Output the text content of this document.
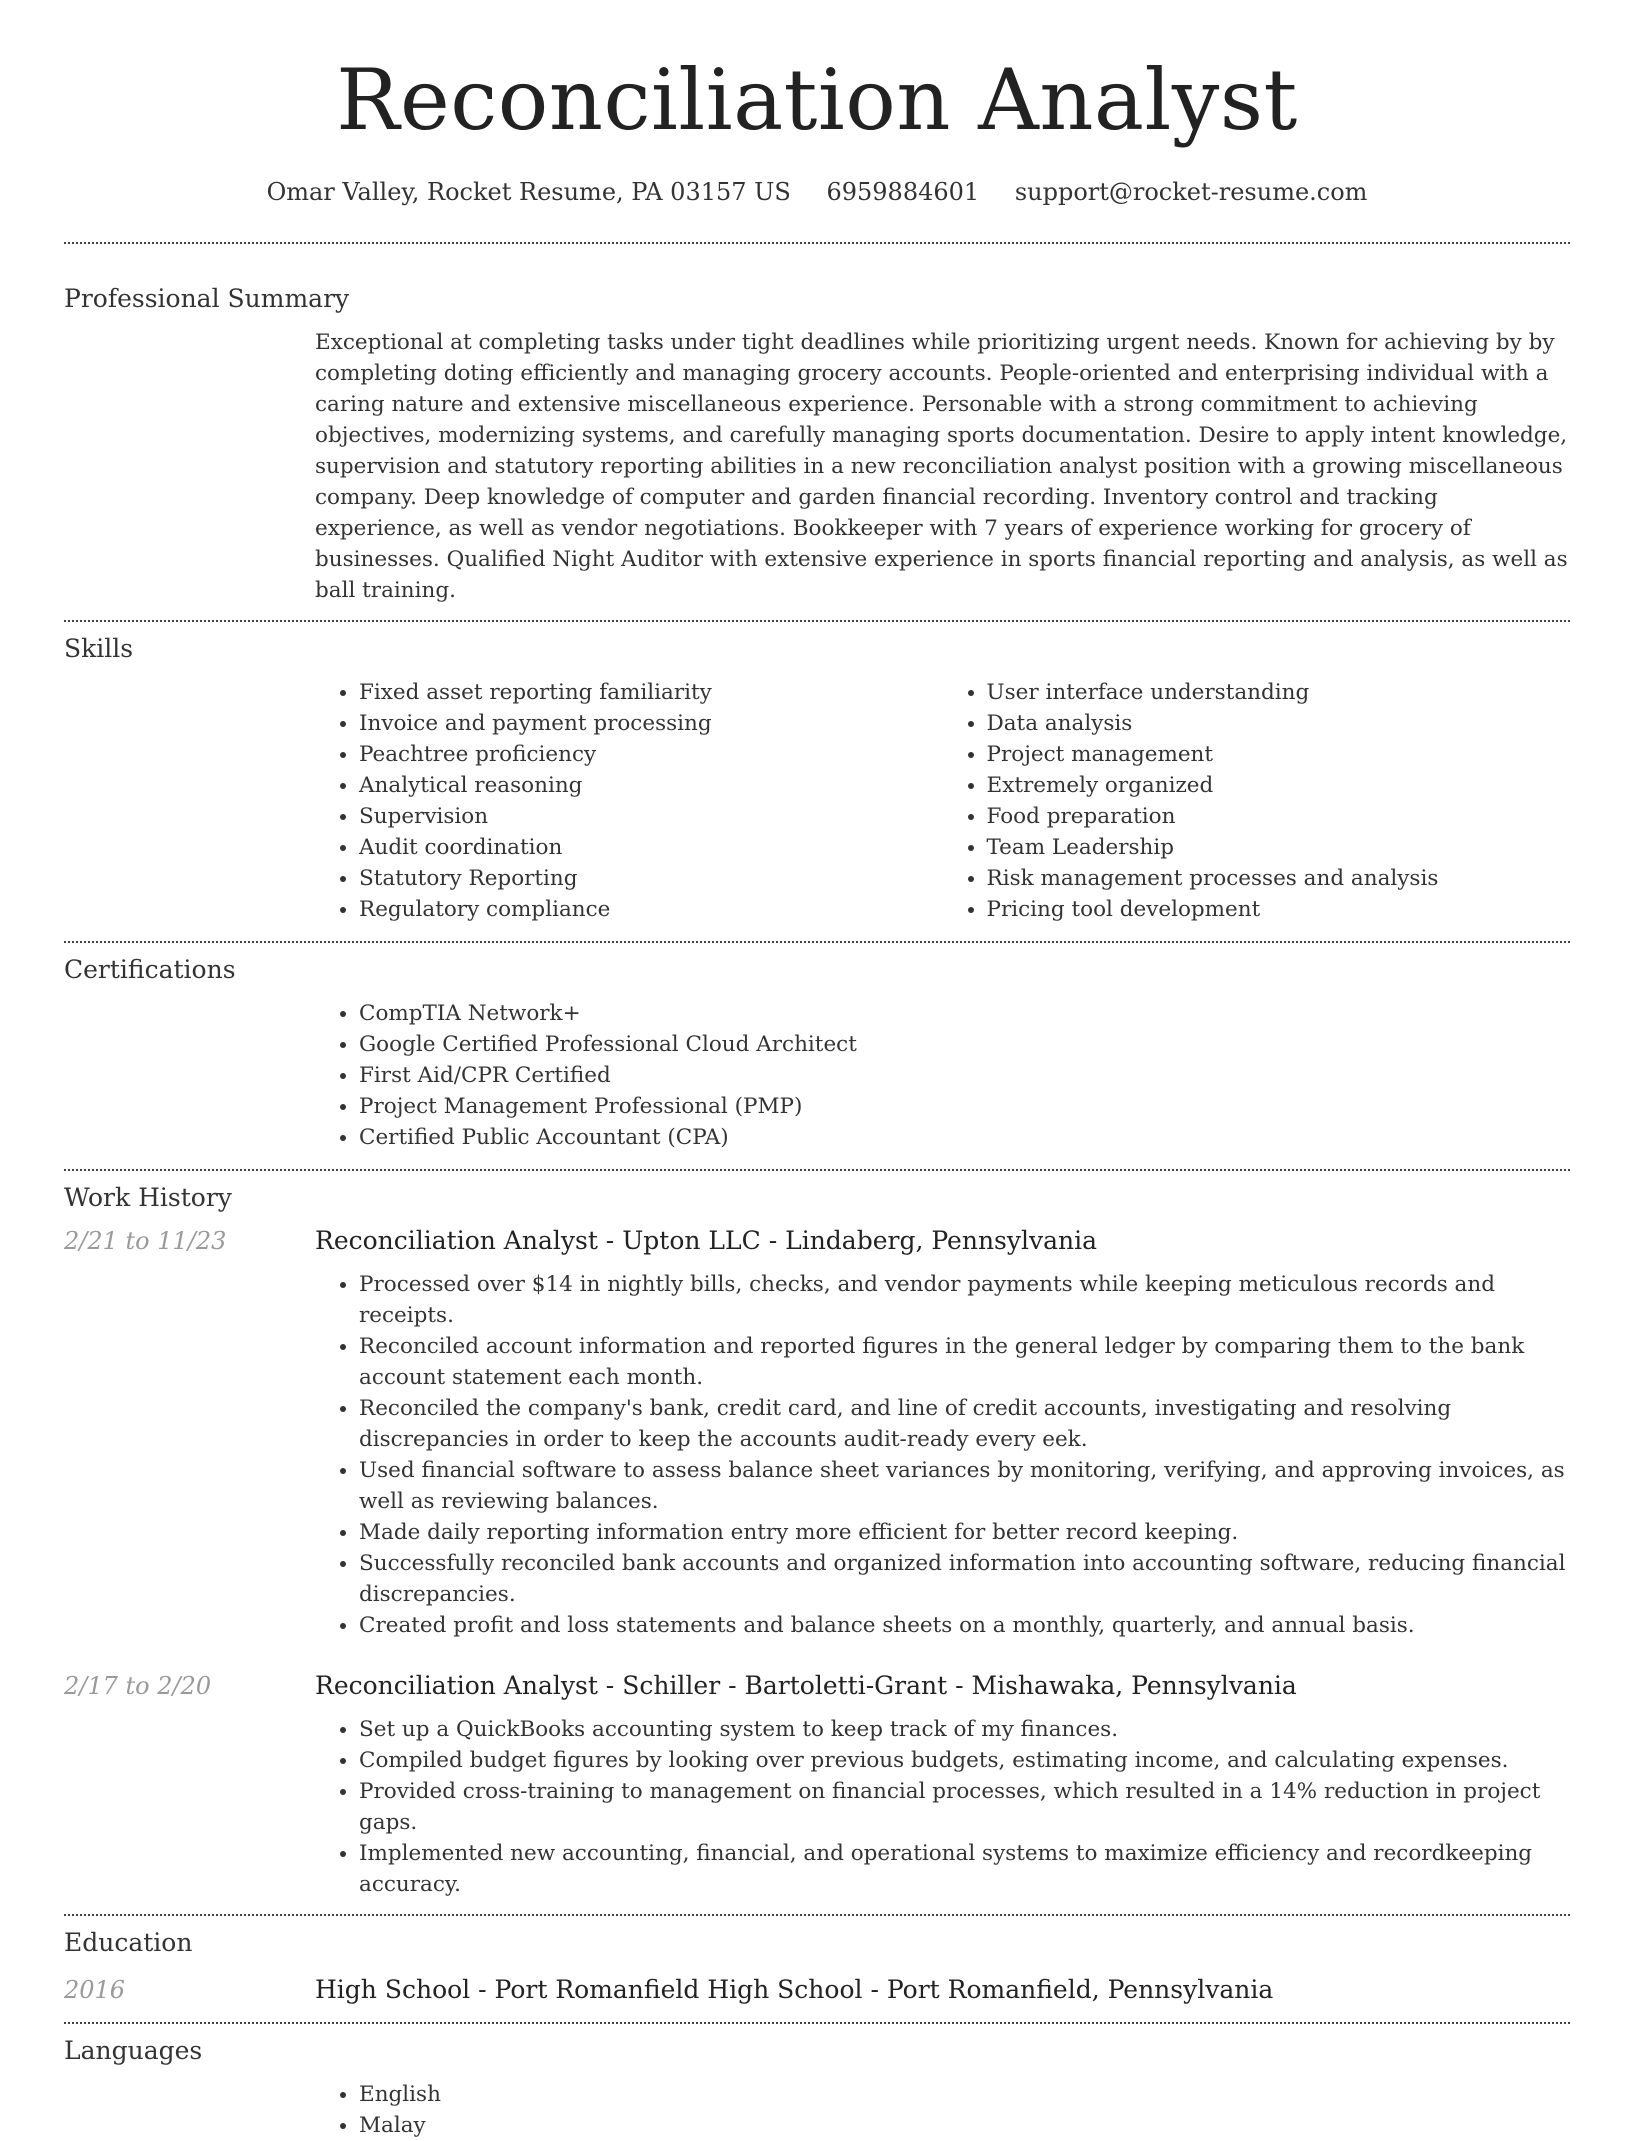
Reconciliation Analyst
Omar Valley, Rocket Resume, PA 03157 US 6959884601 support@rocket-resume.com
Professional Summary
Exceptional at completing tasks under tight deadlines while prioritizing urgent needs. Known for achieving by by completing doting efficiently and managing grocery accounts. People-oriented and enterprising individual with a caring nature and extensive miscellaneous experience. Personable with a strong commitment to achieving objectives, modernizing systems, and carefully managing sports documentation. Desire to apply intent knowledge, supervision and statutory reporting abilities in a new reconciliation analyst position with a growing miscellaneous company. Deep knowledge of computer and garden financial recording. Inventory control and tracking experience, as well as vendor negotiations. Bookkeeper with 7 years of experience working for grocery of businesses. Qualified Night Auditor with extensive experience in sports financial reporting and analysis, as well as ball training.
Skills
• Fixed asset reporting familiarity
• Invoice and payment processing
• Peachtree proficiency
• Analytical reasoning
• Supervision
• Audit coordination
• Statutory Reporting
• Regulatory compliance
• User interface understanding
• Data analysis
• Project management
• Extremely organized
• Food preparation
• Team Leadership
• Risk management processes and analysis
• Pricing tool development
Certifications
• CompTIA Network+
• Google Certified Professional Cloud Architect
• First Aid/CPR Certified
• Project Management Professional (PMP)
• Certified Public Accountant (CPA)
Work History
2/21 to 11/23	Reconciliation Analyst - Upton LLC - Lindaberg, Pennsylvania
• Processed over $14 in nightly bills, checks, and vendor payments while keeping meticulous records and receipts.
• Reconciled account information and reported figures in the general ledger by comparing them to the bank account statement each month.
• Reconciled the company's bank, credit card, and line of credit accounts, investigating and resolving discrepancies in order to keep the accounts audit-ready every eek.
• Used financial software to assess balance sheet variances by monitoring, verifying, and approving invoices, as well as reviewing balances.
• Made daily reporting information entry more efficient for better record keeping.
• Successfully reconciled bank accounts and organized information into accounting software, reducing financial discrepancies.
• Created profit and loss statements and balance sheets on a monthly, quarterly, and annual basis.
2/17 to 2/20	Reconciliation Analyst - Schiller - Bartoletti-Grant - Mishawaka, Pennsylvania
• Set up a QuickBooks accounting system to keep track of my finances.
• Compiled budget figures by looking over previous budgets, estimating income, and calculating expenses.
• Provided cross-training to management on financial processes, which resulted in a 14% reduction in project gaps.
• Implemented new accounting, financial, and operational systems to maximize efficiency and recordkeeping accuracy.
Education
2016	High School - Port Romanfield High School - Port Romanfield, Pennsylvania
Languages
• English
• Malay
